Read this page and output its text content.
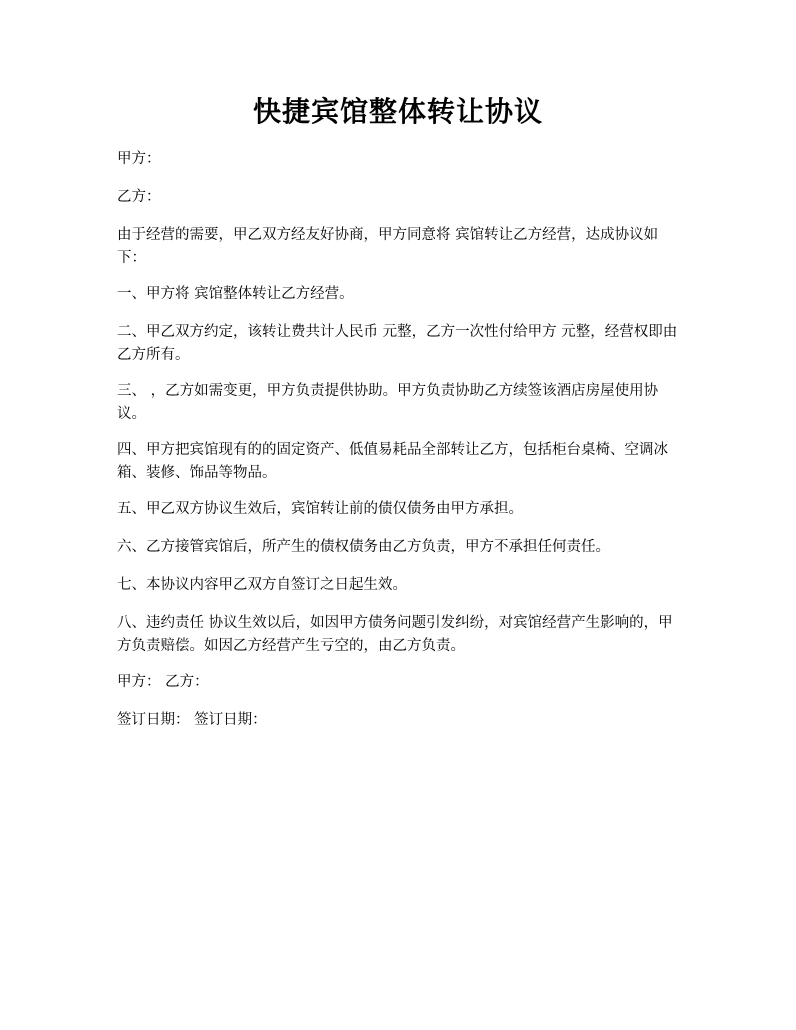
快捷宾馆整体转让协议

甲方：

乙方：

由于经营的需要，甲乙双方经友好协商，甲方同意将 宾馆转让乙方经营，达成协议如下：

一、甲方将 宾馆整体转让乙方经营。

二、甲乙双方约定，该转让费共计人民币 元整，乙方一次性付给甲方 元整，经营权即由乙方所有。

三、 ，乙方如需变更，甲方负责提供协助。甲方负责协助乙方续签该酒店房屋使用协议。

四、甲方把宾馆现有的的固定资产、低值易耗品全部转让乙方，包括柜台桌椅、空调冰箱、装修、饰品等物品。

五、甲乙双方协议生效后，宾馆转让前的债仅债务由甲方承担。

六、乙方接管宾馆后，所产生的债权债务由乙方负责，甲方不承担任何责任。

七、本协议内容甲乙双方自签订之日起生效。

八、违约责任 协议生效以后，如因甲方债务问题引发纠纷，对宾馆经营产生影响的，甲方负责赔偿。如因乙方经营产生亏空的，由乙方负责。

甲方： 乙方：

签订日期： 签订日期：
